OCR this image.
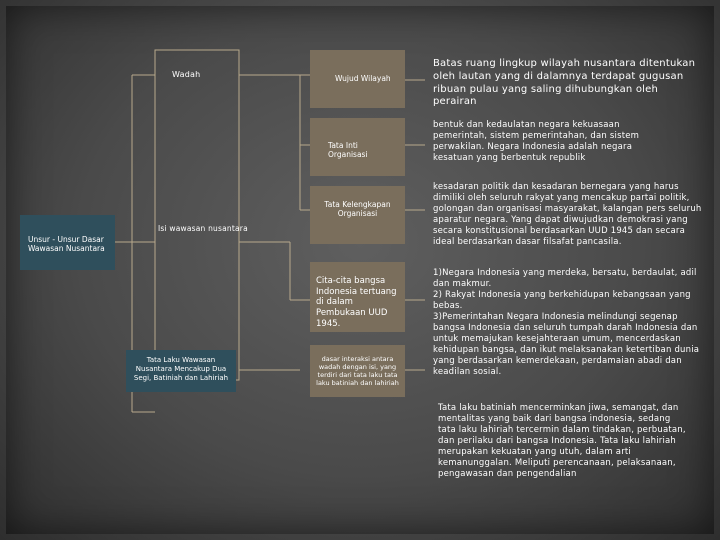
Unsur - Unsur Dasar Wawasan Nusantara
Wadah
Isi wawasan nusantara
Tata Laku Wawasan Nusantara Mencakup Dua Segi, Batiniah dan Lahiriah
Wujud Wilayah
Tata Inti Organisasi
Tata Kelengkapan Organisasi
Cita-cita bangsa Indonesia tertuang di dalam Pembukaan UUD 1945.
dasar interaksi antara wadah dengan isi, yang terdiri dari tata laku tata laku batiniah dan lahiriah
Batas ruang lingkup wilayah nusantara ditentukan oleh lautan yang di dalamnya terdapat gugusan ribuan pulau yang saling dihubungkan oleh perairan
bentuk dan kedaulatan negara kekuasaan pemerintah, sistem pemerintahan, dan sistem perwakilan. Negara Indonesia adalah negara kesatuan yang berbentuk republik
kesadaran politik dan kesadaran bernegara yang harus dimiliki oleh seluruh rakyat yang mencakup partai politik, golongan dan organisasi masyarakat, kalangan pers seluruh aparatur negara. Yang dapat diwujudkan demokrasi yang secara konstitusional berdasarkan UUD 1945 dan secara ideal berdasarkan dasar filsafat pancasila.
1)Negara Indonesia yang merdeka, bersatu, berdaulat, adil dan makmur.
2) Rakyat Indonesia yang berkehidupan kebangsaan yang bebas.
3)Pemerintahan Negara Indonesia melindungi segenap bangsa Indonesia dan seluruh tumpah darah Indonesia dan untuk memajukan kesejahteraan umum, mencerdaskan kehidupan bangsa, dan ikut melaksanakan ketertiban dunia yang berdasarkan kemerdekaan, perdamaian abadi dan keadilan sosial.
Tata laku batiniah mencerminkan jiwa, semangat, dan mentalitas yang baik dari bangsa indonesia, sedang tata laku lahiriah tercermin dalam tindakan, perbuatan, dan perilaku dari bangsa Indonesia. Tata laku lahiriah merupakan kekuatan yang utuh, dalam arti kemanunggalan. Meliputi perencanaan, pelaksanaan, pengawasan dan pengendalian
